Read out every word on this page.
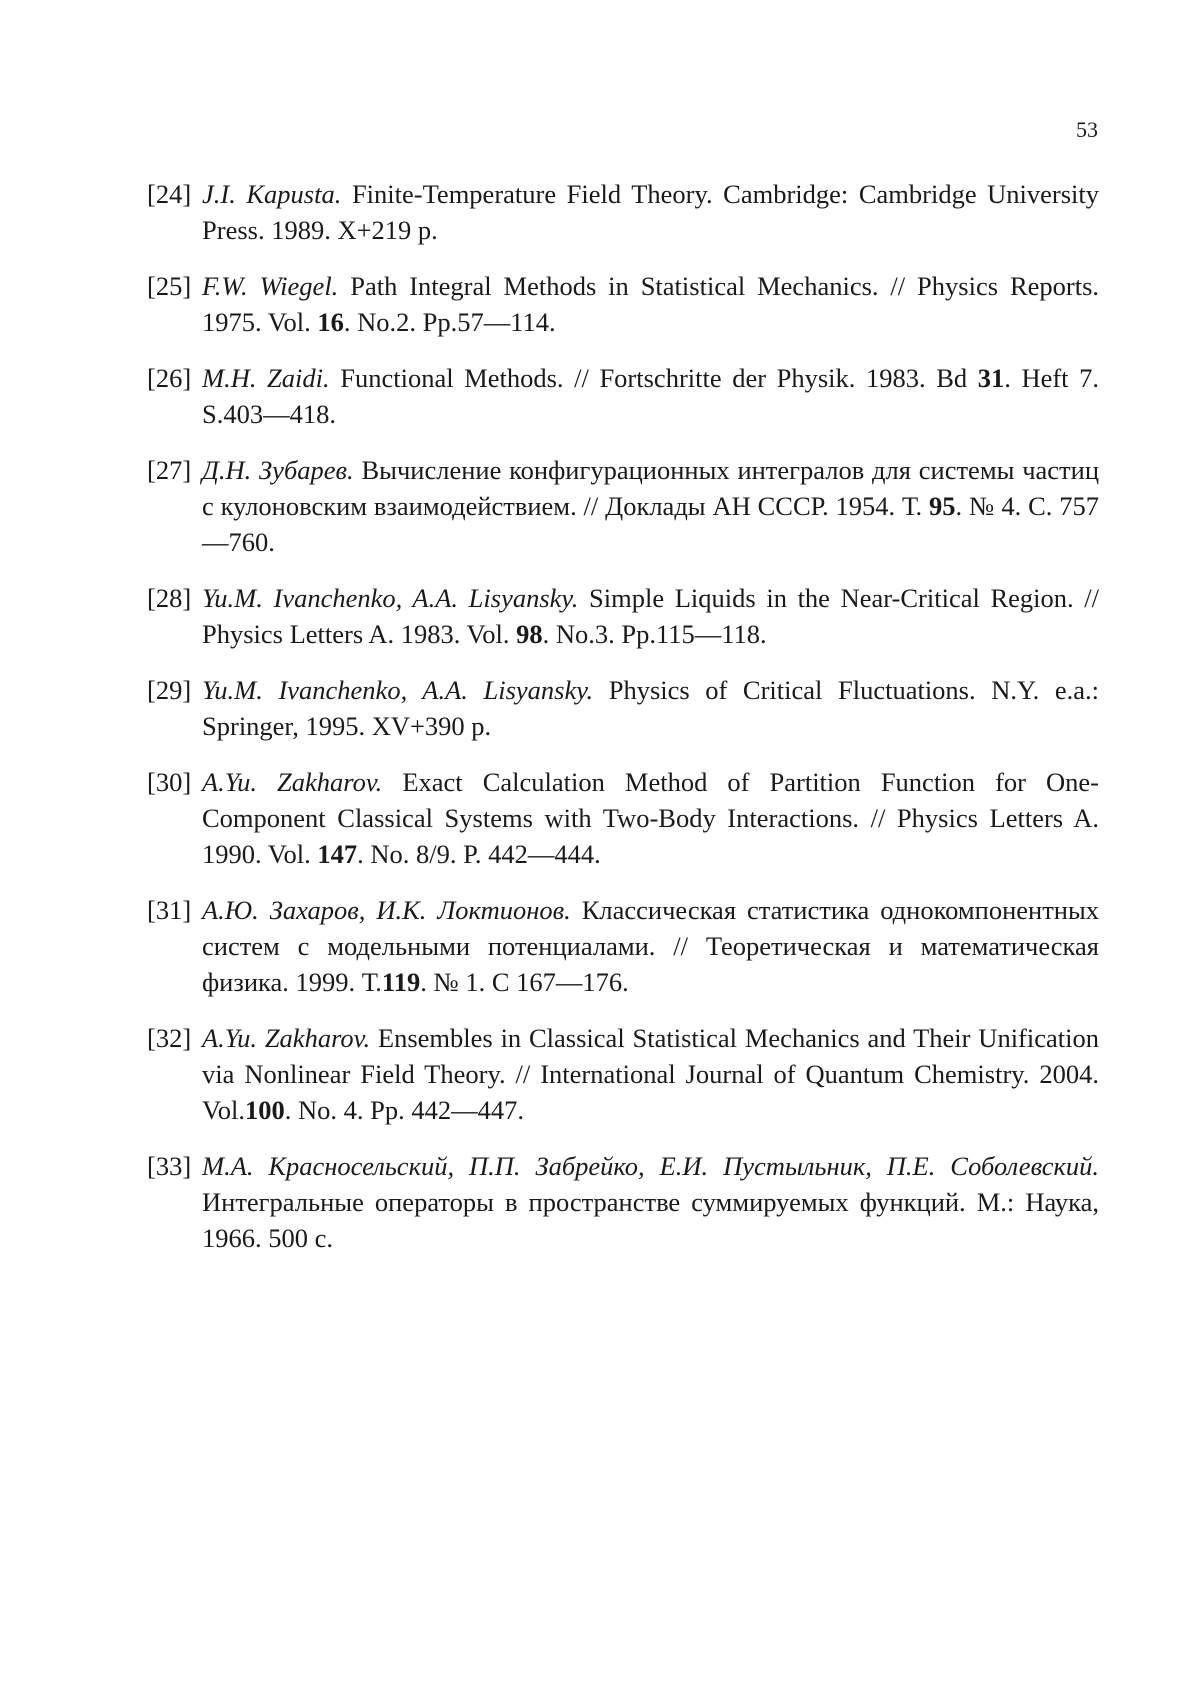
53
[24] J.I. Kapusta. Finite-Temperature Field Theory. Cambridge: Cambridge University Press. 1989. X+219 p.
[25] F.W. Wiegel. Path Integral Methods in Statistical Mechanics. // Physics Reports. 1975. Vol. 16. No.2. Pp.57—114.
[26] M.H. Zaidi. Functional Methods. // Fortschritte der Physik. 1983. Bd 31. Heft 7. S.403—418.
[27] Д.Н. Зубарев. Вычисление конфигурационных интегралов для системы частиц с кулоновским взаимодействием. // Доклады АН СССР. 1954. Т. 95. № 4. С. 757—760.
[28] Yu.M. Ivanchenko, A.A. Lisyansky. Simple Liquids in the Near-Critical Region. // Physics Letters A. 1983. Vol. 98. No.3. Pp.115—118.
[29] Yu.M. Ivanchenko, A.A. Lisyansky. Physics of Critical Fluctuations. N.Y. e.a.: Springer, 1995. XV+390 p.
[30] A.Yu. Zakharov. Exact Calculation Method of Partition Function for One-Component Classical Systems with Two-Body Interactions. // Physics Letters A. 1990. Vol. 147. No. 8/9. P. 442—444.
[31] А.Ю. Захаров, И.К. Локтионов. Классическая статистика однокомпонентных систем с модельными потенциалами. // Теоретическая и математическая физика. 1999. Т.119. № 1. С 167—176.
[32] A.Yu. Zakharov. Ensembles in Classical Statistical Mechanics and Their Unification via Nonlinear Field Theory. // International Journal of Quantum Chemistry. 2004. Vol.100. No. 4. Pp. 442—447.
[33] М.А. Красносельский, П.П. Забрейко, Е.И. Пустыльник, П.Е. Соболевский. Интегральные операторы в пространстве суммируемых функций. М.: Наука, 1966. 500 с.
